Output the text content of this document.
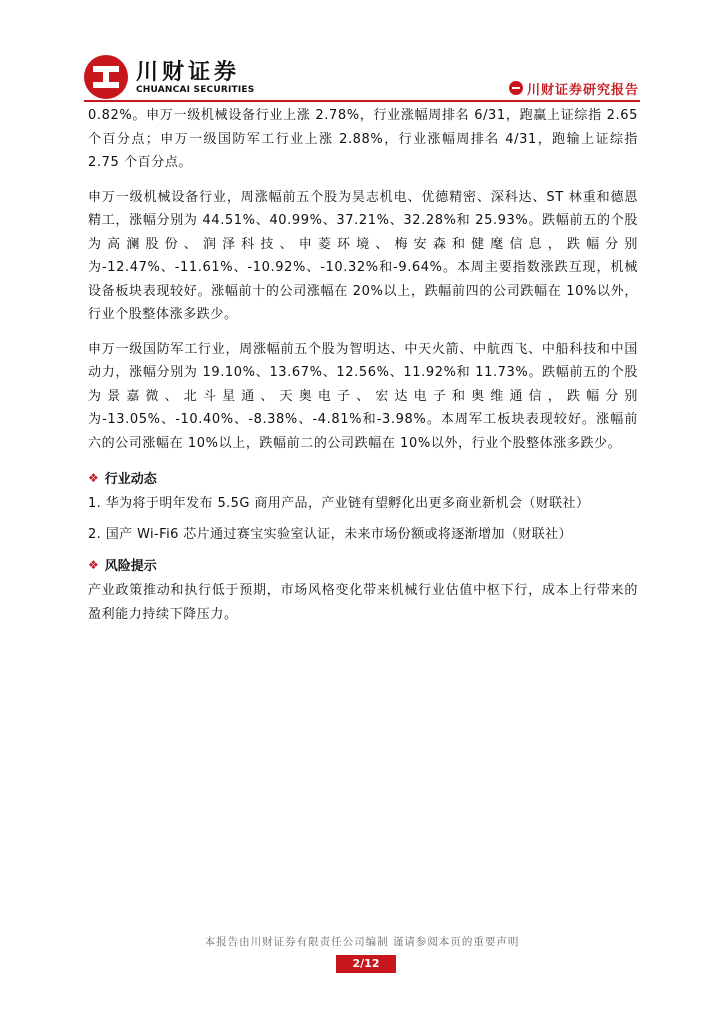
川财证券
CHUANCAI SECURITIES	川财证券研究报告

0.82%。申万一级机械设备行业上涨 2.78%，行业涨幅周排名 6/31，跑赢上证综指 2.65 个百分点；申万一级国防军工行业上涨 2.88%，行业涨幅周排名 4/31，跑输上证综指 2.75 个百分点。

申万一级机械设备行业，周涨幅前五个股为昊志机电、优德精密、深科达、ST 林重和德恩精工，涨幅分别为 44.51%、40.99%、37.21%、32.28%和 25.93%。跌幅前五的个股为高澜股份、润泽科技、申菱环境、梅安森和健麾信息，跌幅分别为-12.47%、-11.61%、-10.92%、-10.32%和-9.64%。本周主要指数涨跌互现，机械设备板块表现较好。涨幅前十的公司涨幅在 20%以上，跌幅前四的公司跌幅在 10%以外，行业个股整体涨多跌少。

申万一级国防军工行业，周涨幅前五个股为智明达、中天火箭、中航西飞、中船科技和中国动力，涨幅分别为 19.10%、13.67%、12.56%、11.92%和 11.73%。跌幅前五的个股为景嘉微、北斗星通、天奥电子、宏达电子和奥维通信，跌幅分别为-13.05%、-10.40%、-8.38%、-4.81%和-3.98%。本周军工板块表现较好。涨幅前六的公司涨幅在 10%以上，跌幅前二的公司跌幅在 10%以外，行业个股整体涨多跌少。

❖ 行业动态
1. 华为将于明年发布 5.5G 商用产品，产业链有望孵化出更多商业新机会（财联社）
2. 国产 Wi-Fi6 芯片通过赛宝实验室认证，未来市场份额或将逐渐增加（财联社）
❖ 风险提示

产业政策推动和执行低于预期，市场风格变化带来机械行业估值中枢下行，成本上行带来的盈利能力持续下降压力。

本报告由川财证券有限责任公司编制 谨请参阅本页的重要声明
2/12
